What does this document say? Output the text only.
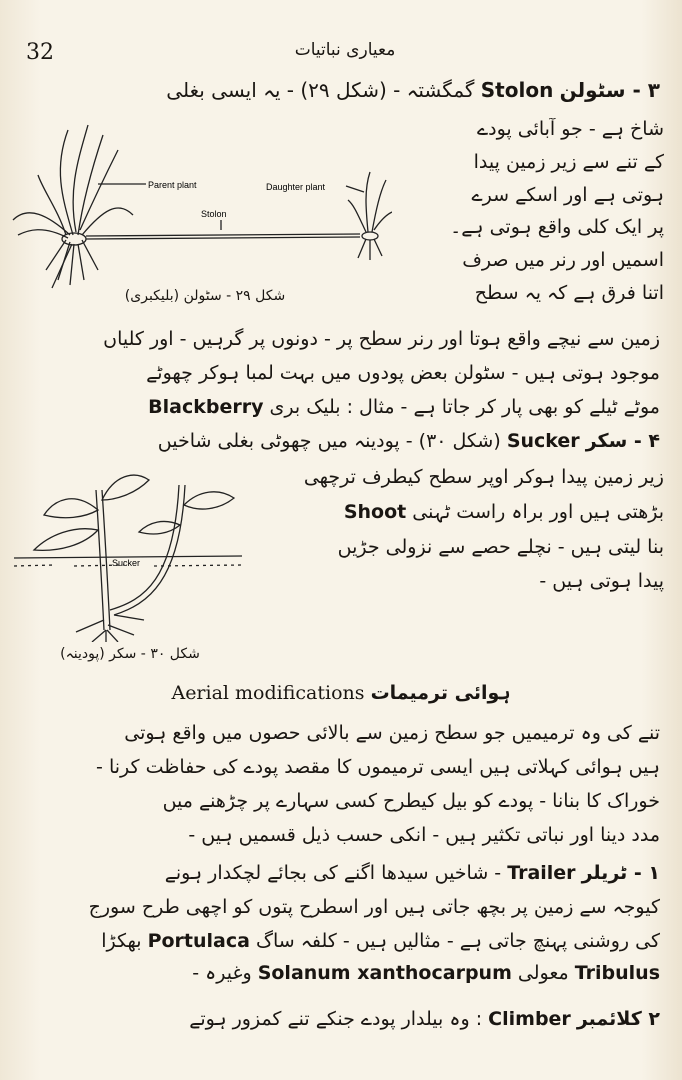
32	معیاری نباتیات
۳ - سٹولن Stolon گمگشتہ - (شکل ۲۹) - یہ ایسی بغلی
شاخ ہے - جو آبائی پودے
کے تنے سے زیر زمین پیدا
ہوتی ہے اور اسکے سرے
پر ایک کلی واقع ہوتی ہے۔
اسمیں اور رنر میں صرف
اتنا فرق ہے کہ یہ سطح
Parent plant	Daughter plant
Stolon
شکل ۲۹ - سٹولن (بلیکبری)
زمین سے نیچے واقع ہوتا اور رنر سطح پر - دونوں پر گرہیں - اور کلیاں
موجود ہوتی ہیں - سٹولن بعض پودوں میں بہت لمبا ہوکر چھوٹے
موٹے ٹیلے کو بھی پار کر جاتا ہے - مثال : بلیک بری Blackberry
۴ - سکر Sucker (شکل ۳۰) - پودینہ میں چھوٹی بغلی شاخیں
زیر زمین پیدا ہوکر اوپر سطح کیطرف ترچھی
بڑھتی ہیں اور براہ راست ٹہنی Shoot
بنا لیتی ہیں - نچلے حصے سے نزولی جڑیں
پیدا ہوتی ہیں -
Sucker
شکل ۳۰ - سکر (پودینہ)
Aerial modifications ہوائی ترمیمات
تنے کی وہ ترمیمیں جو سطح زمین سے بالائی حصوں میں واقع ہوتی
ہیں ہوائی کہلاتی ہیں ایسی ترمیموں کا مقصد پودے کی حفاظت کرنا -
خوراک کا بنانا - پودے کو بیل کیطرح کسی سہارے پر چڑھنے میں
مدد دینا اور نباتی تکثیر ہیں - انکی حسب ذیل قسمیں ہیں -
۱ - ٹریلر Trailer - شاخیں سیدھا اگنے کی بجائے لچکدار ہونے
کیوجہ سے زمین پر بچھ جاتی ہیں اور اسطرح پتوں کو اچھی طرح سورج
کی روشنی پہنچ جاتی ہے - مثالیں ہیں - کلفہ ساگ Portulaca بھکڑا
Tribulus معولی Solanum xanthocarpum وغیرہ -
۲ کلائمبر Climber : وہ بیلدار پودے جنکے تنے کمزور ہوتے
